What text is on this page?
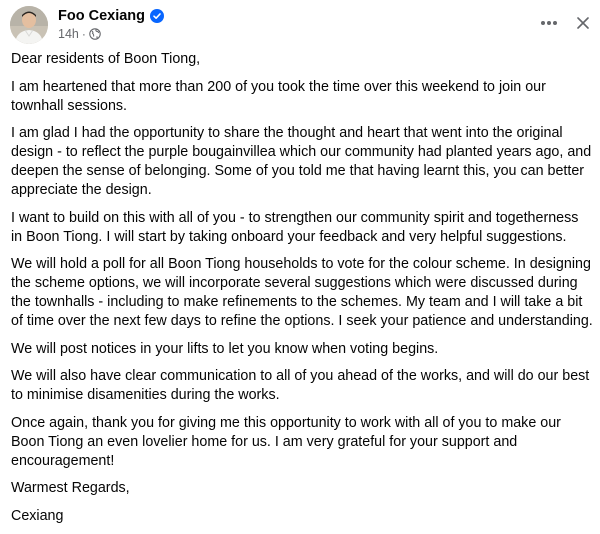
Foo Cexiang
14h ·

Dear residents of Boon Tiong,

I am heartened that more than 200 of you took the time over this weekend to join our townhall sessions.

I am glad I had the opportunity to share the thought and heart that went into the original design - to reflect the purple bougainvillea which our community had planted years ago, and deepen the sense of belonging. Some of you told me that having learnt this, you can better appreciate the design.

I want to build on this with all of you - to strengthen our community spirit and togetherness in Boon Tiong. I will start by taking onboard your feedback and very helpful suggestions.

We will hold a poll for all Boon Tiong households to vote for the colour scheme. In designing the scheme options, we will incorporate several suggestions which were discussed during the townhalls - including to make refinements to the schemes. My team and I will take a bit of time over the next few days to refine the options. I seek your patience and understanding.

We will post notices in your lifts to let you know when voting begins.

We will also have clear communication to all of you ahead of the works, and will do our best to minimise disamenities during the works.

Once again, thank you for giving me this opportunity to work with all of you to make our Boon Tiong an even lovelier home for us. I am very grateful for your support and encouragement!

Warmest Regards,

Cexiang
